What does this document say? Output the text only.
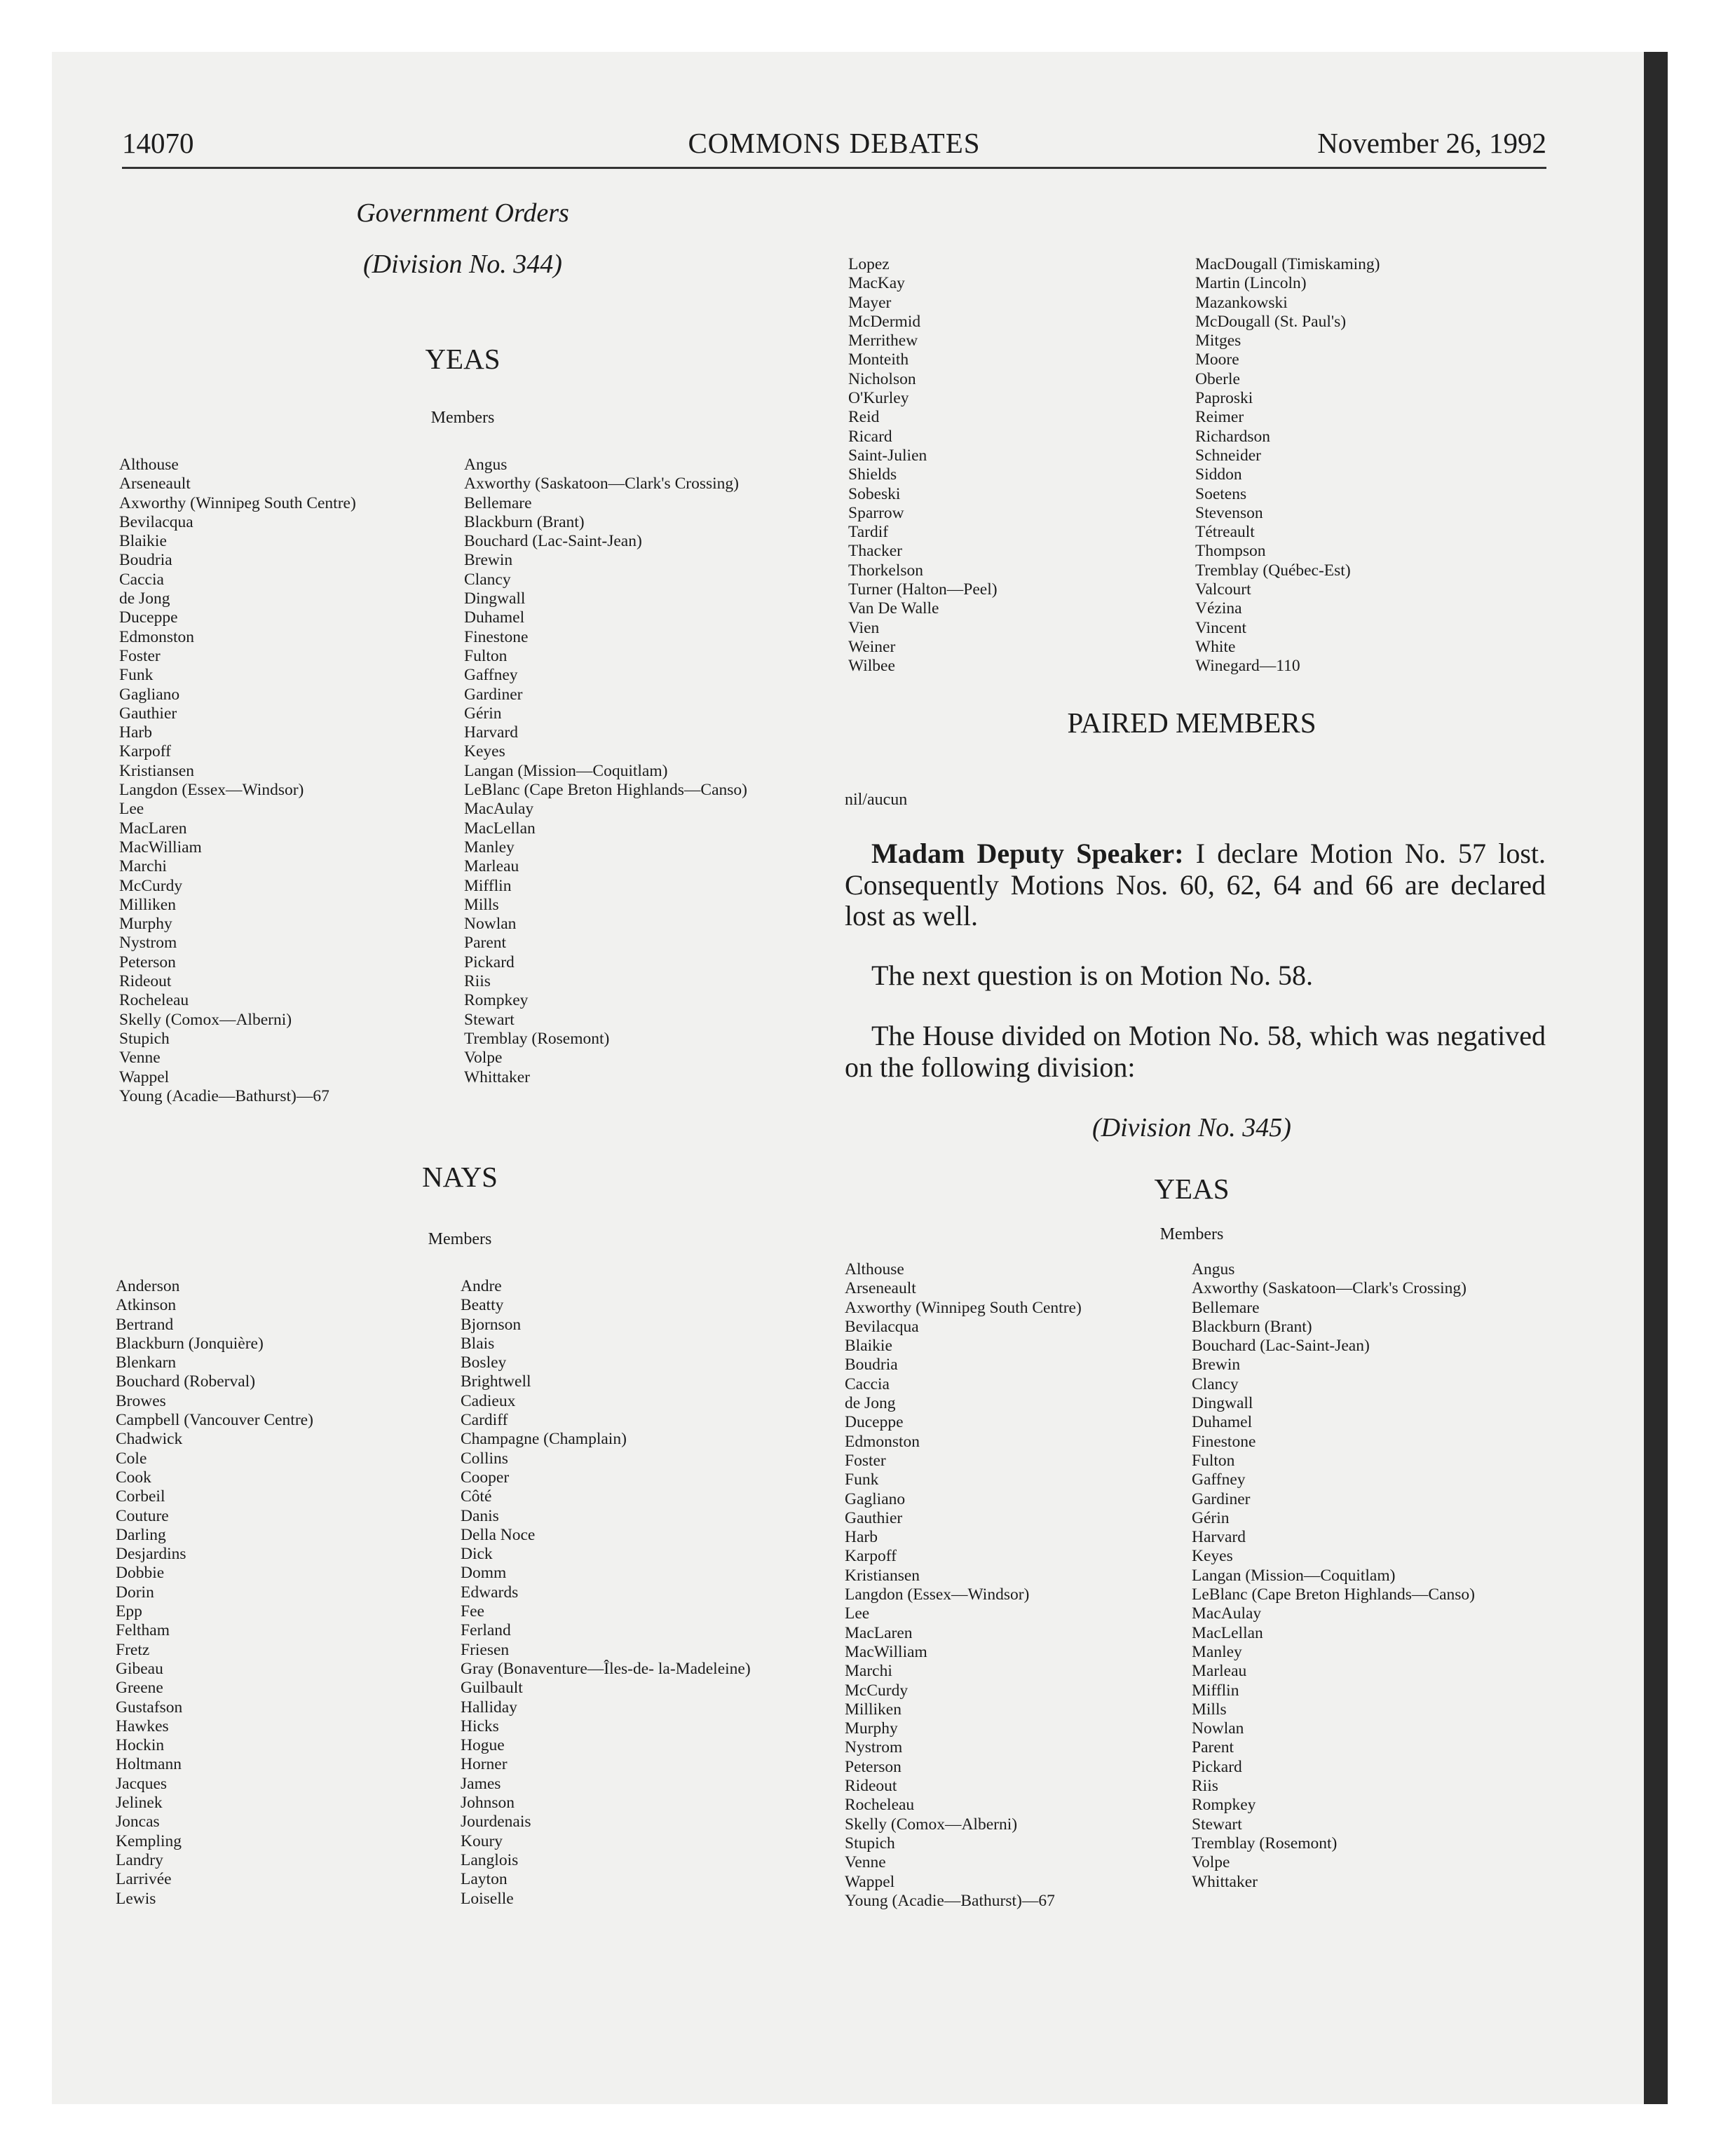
14070	COMMONS DEBATES	November 26, 1992
Government Orders
(Division No. 344)
YEAS
Members
Althouse
Arseneault
Axworthy (Winnipeg South Centre)
Bevilacqua
Blaikie
Boudria
Caccia
de Jong
Duceppe
Edmonston
Foster
Funk
Gagliano
Gauthier
Harb
Karpoff
Kristiansen
Langdon (Essex—Windsor)
Lee
MacLaren
MacWilliam
Marchi
McCurdy
Milliken
Murphy
Nystrom
Peterson
Rideout
Rocheleau
Skelly (Comox—Alberni)
Stupich
Venne
Wappel
Young (Acadie—Bathurst)—67
Angus
Axworthy (Saskatoon—Clark's Crossing)
Bellemare
Blackburn (Brant)
Bouchard (Lac-Saint-Jean)
Brewin
Clancy
Dingwall
Duhamel
Finestone
Fulton
Gaffney
Gardiner
Gérin
Harvard
Keyes
Langan (Mission—Coquitlam)
LeBlanc (Cape Breton Highlands—Canso)
MacAulay
MacLellan
Manley
Marleau
Mifflin
Mills
Nowlan
Parent
Pickard
Riis
Rompkey
Stewart
Tremblay (Rosemont)
Volpe
Whittaker
NAYS
Members
Anderson
Atkinson
Bertrand
Blackburn (Jonquière)
Blenkarn
Bouchard (Roberval)
Browes
Campbell (Vancouver Centre)
Chadwick
Cole
Cook
Corbeil
Couture
Darling
Desjardins
Dobbie
Dorin
Epp
Feltham
Fretz
Gibeau
Greene
Gustafson
Hawkes
Hockin
Holtmann
Jacques
Jelinek
Joncas
Kempling
Landry
Larrivée
Lewis
Andre
Beatty
Bjornson
Blais
Bosley
Brightwell
Cadieux
Cardiff
Champagne (Champlain)
Collins
Cooper
Côté
Danis
Della Noce
Dick
Domm
Edwards
Fee
Ferland
Friesen
Gray (Bonaventure—Îles-de- la-Madeleine)
Guilbault
Halliday
Hicks
Hogue
Horner
James
Johnson
Jourdenais
Koury
Langlois
Layton
Loiselle
Lopez
MacKay
Mayer
McDermid
Merrithew
Monteith
Nicholson
O'Kurley
Reid
Ricard
Saint-Julien
Shields
Sobeski
Sparrow
Tardif
Thacker
Thorkelson
Turner (Halton—Peel)
Van De Walle
Vien
Weiner
Wilbee
MacDougall (Timiskaming)
Martin (Lincoln)
Mazankowski
McDougall (St. Paul's)
Mitges
Moore
Oberle
Paproski
Reimer
Richardson
Schneider
Siddon
Soetens
Stevenson
Tétreault
Thompson
Tremblay (Québec-Est)
Valcourt
Vézina
Vincent
White
Winegard—110
PAIRED MEMBERS
nil/aucun

Madam Deputy Speaker: I declare Motion No. 57 lost. Consequently Motions Nos. 60, 62, 64 and 66 are declared lost as well.

The next question is on Motion No. 58.

The House divided on Motion No. 58, which was negatived on the following division:

(Division No. 345)
YEAS
Members
Althouse
Arseneault
Axworthy (Winnipeg South Centre)
Bevilacqua
Blaikie
Boudria
Caccia
de Jong
Duceppe
Edmonston
Foster
Funk
Gagliano
Gauthier
Harb
Karpoff
Kristiansen
Langdon (Essex—Windsor)
Lee
MacLaren
MacWilliam
Marchi
McCurdy
Milliken
Murphy
Nystrom
Peterson
Rideout
Rocheleau
Skelly (Comox—Alberni)
Stupich
Venne
Wappel
Young (Acadie—Bathurst)—67
Angus
Axworthy (Saskatoon—Clark's Crossing)
Bellemare
Blackburn (Brant)
Bouchard (Lac-Saint-Jean)
Brewin
Clancy
Dingwall
Duhamel
Finestone
Fulton
Gaffney
Gardiner
Gérin
Harvard
Keyes
Langan (Mission—Coquitlam)
LeBlanc (Cape Breton Highlands—Canso)
MacAulay
MacLellan
Manley
Marleau
Mifflin
Mills
Nowlan
Parent
Pickard
Riis
Rompkey
Stewart
Tremblay (Rosemont)
Volpe
Whittaker
